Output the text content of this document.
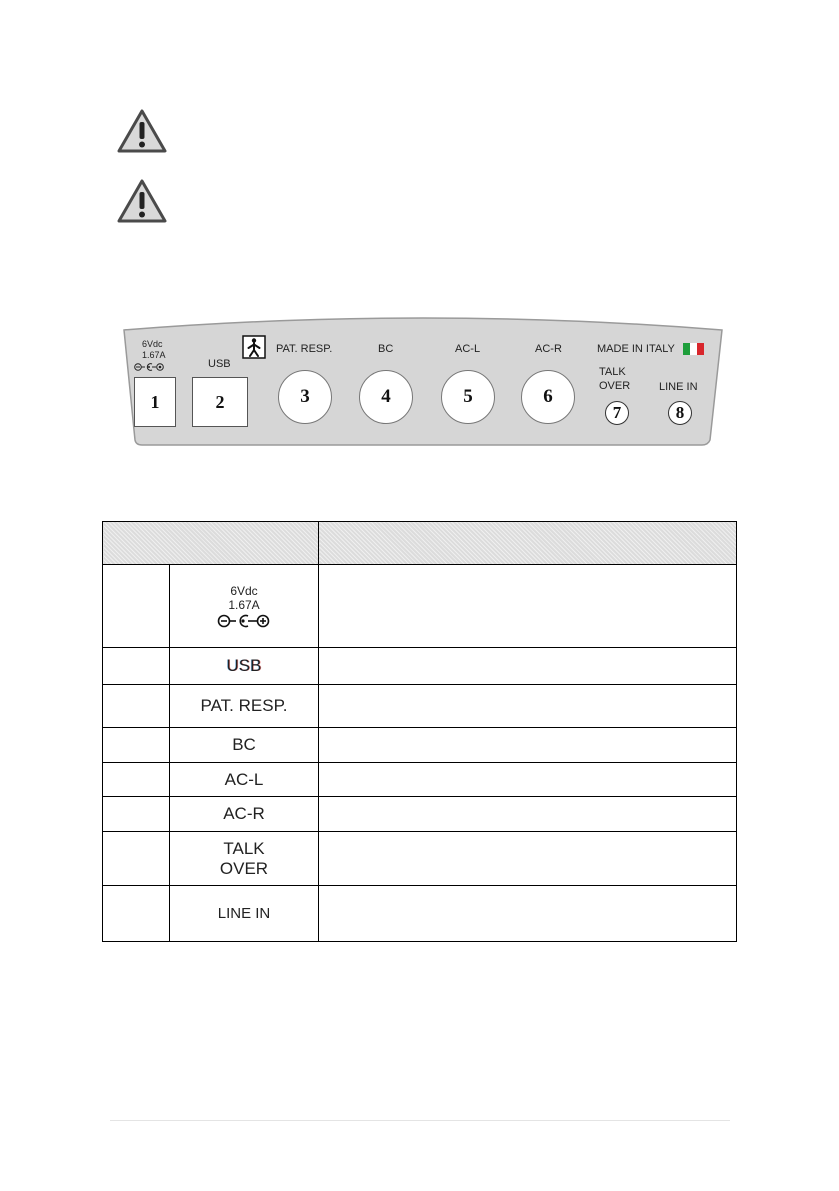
6Vdc
1.67A
1
USB
2
PAT. RESP.
3
BC
4
AC-L
5
AC-R
6
MADE IN ITALY
TALK
OVER
7
LINE IN
8

	6Vdc
1.67A	

	USB	
	PAT. RESP.	
	BC	
	AC-L	
	AC-R	

	TALK
OVER	

	LINE IN	
